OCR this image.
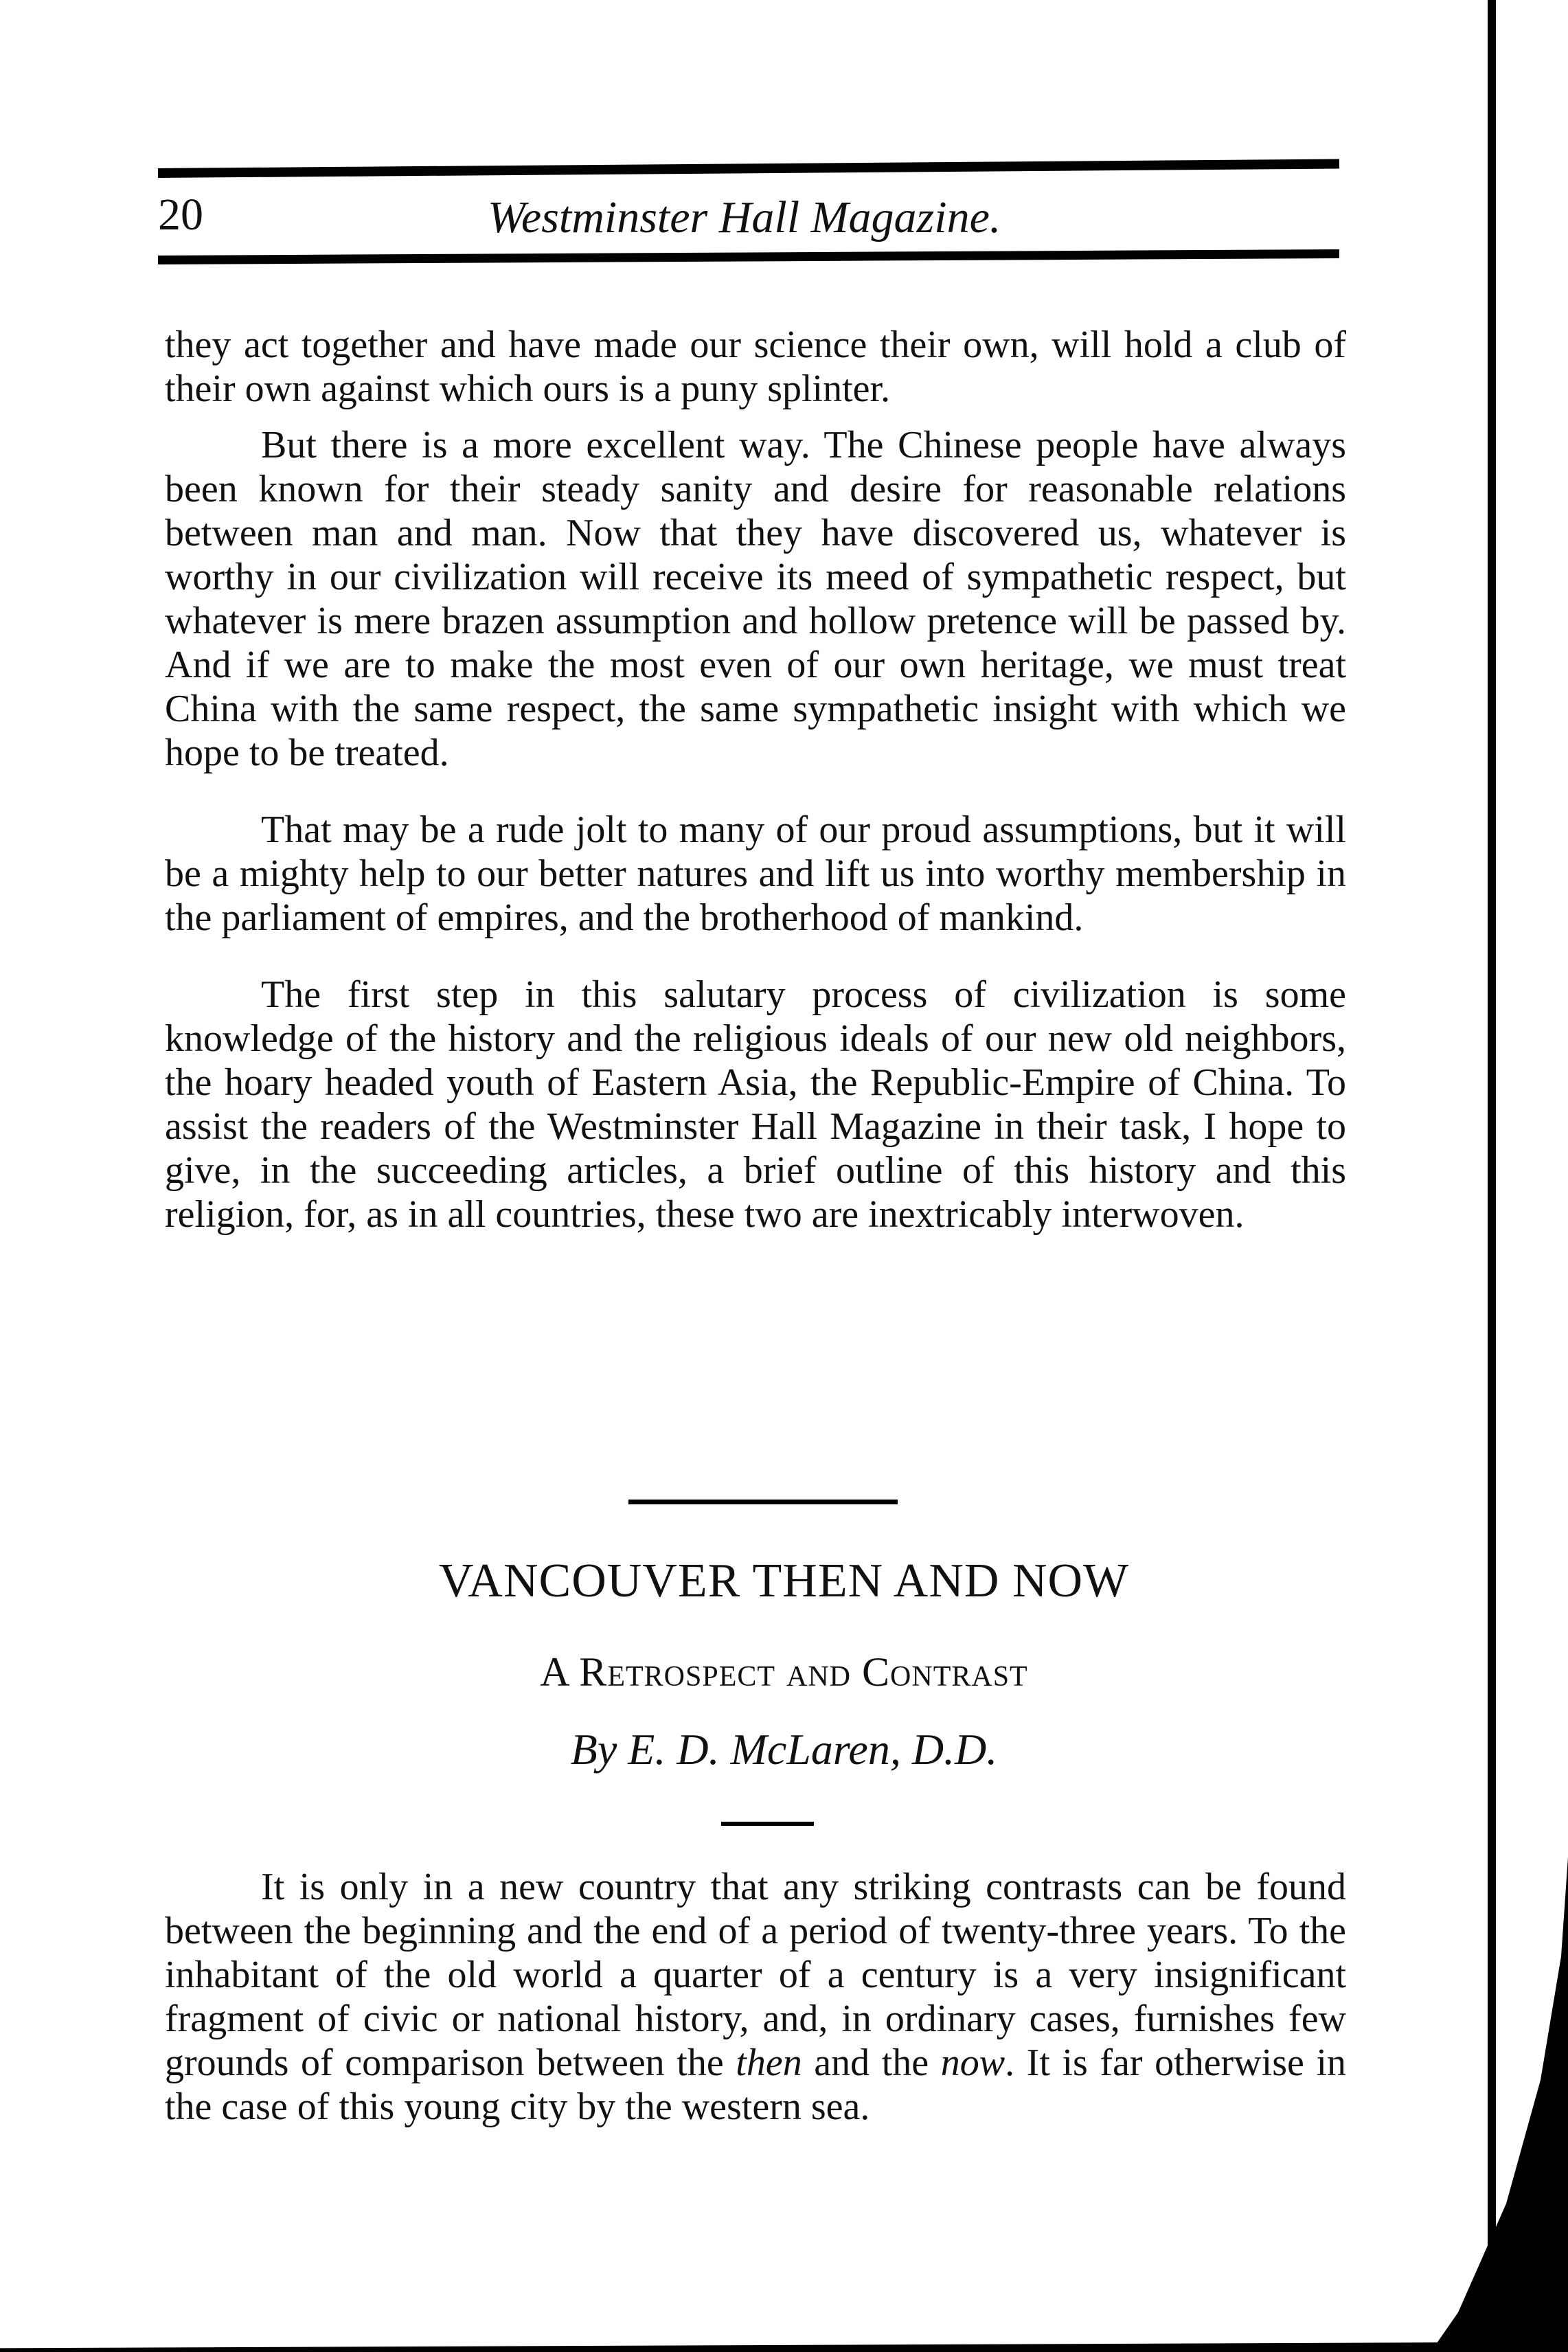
20	Westminster Hall Magazine.

they act together and have made our science their own, will hold a club of their own against which ours is a puny splinter.

But there is a more excellent way. The Chinese people have always been known for their steady sanity and desire for reasonable relations between man and man. Now that they have discovered us, whatever is worthy in our civilization will receive its meed of sympathetic respect, but whatever is mere brazen assumption and hollow pretence will be passed by. And if we are to make the most even of our own heritage, we must treat China with the same respect, the same sympathetic insight with which we hope to be treated.

That may be a rude jolt to many of our proud assumptions, but it will be a mighty help to our better natures and lift us into worthy membership in the parliament of empires, and the brotherhood of mankind.

The first step in this salutary process of civilization is some knowledge of the history and the religious ideals of our new old neighbors, the hoary headed youth of Eastern Asia, the Republic-Empire of China. To assist the readers of the Westminster Hall Magazine in their task, I hope to give, in the succeeding articles, a brief outline of this history and this religion, for, as in all countries, these two are inextricably interwoven.

VANCOUVER THEN AND NOW
A Retrospect and Contrast
By E. D. McLaren, D.D.

It is only in a new country that any striking contrasts can be found between the beginning and the end of a period of twenty-three years. To the inhabitant of the old world a quarter of a century is a very insignificant fragment of civic or national history, and, in ordinary cases, furnishes few grounds of comparison between the then and the now. It is far otherwise in the case of this young city by the western sea.
